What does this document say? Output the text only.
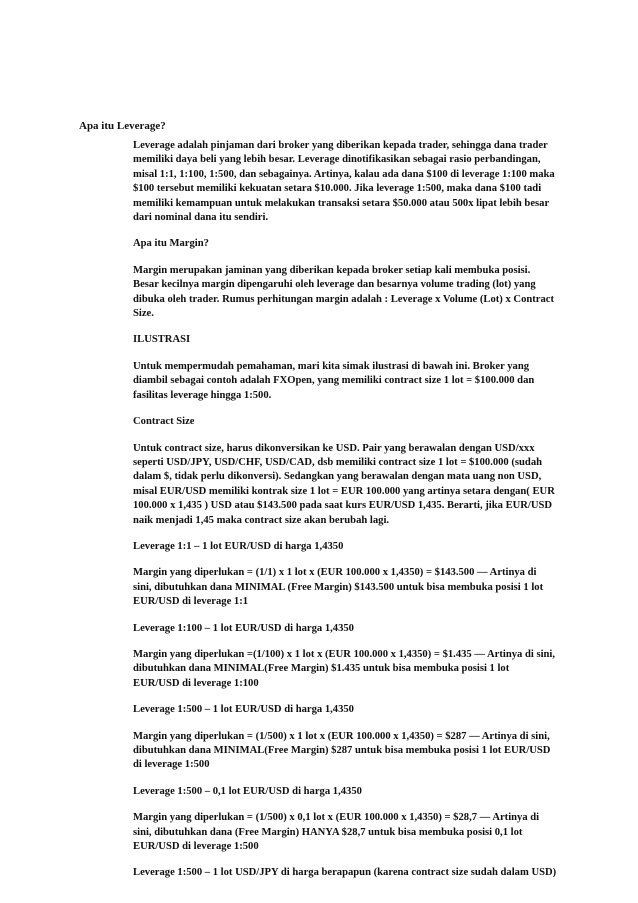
Apa itu Leverage?

Leverage adalah pinjaman dari broker yang diberikan kepada trader, sehingga dana trader
memiliki daya beli yang lebih besar. Leverage dinotifikasikan sebagai rasio perbandingan,
misal 1:1, 1:100, 1:500, dan sebagainya. Artinya, kalau ada dana $100 di leverage 1:100 maka
$100 tersebut memiliki kekuatan setara $10.000. Jika leverage 1:500, maka dana $100 tadi
memiliki kemampuan untuk melakukan transaksi setara $50.000 atau 500x lipat lebih besar
dari nominal dana itu sendiri.
Apa itu Margin?
Margin merupakan jaminan yang diberikan kepada broker setiap kali membuka posisi.
Besar kecilnya margin dipengaruhi oleh leverage dan besarnya volume trading (lot) yang
dibuka oleh trader. Rumus perhitungan margin adalah : Leverage x Volume (Lot) x Contract
Size.
ILUSTRASI
Untuk mempermudah pemahaman, mari kita simak ilustrasi di bawah ini. Broker yang
diambil sebagai contoh adalah FXOpen, yang memiliki contract size 1 lot = $100.000 dan
fasilitas leverage hingga 1:500.
Contract Size
Untuk contract size, harus dikonversikan ke USD. Pair yang berawalan dengan USD/xxx
seperti USD/JPY, USD/CHF, USD/CAD, dsb memiliki contract size 1 lot = $100.000 (sudah
dalam $, tidak perlu dikonversi). Sedangkan yang berawalan dengan mata uang non USD,
misal EUR/USD memiliki kontrak size 1 lot = EUR 100.000 yang artinya setara dengan( EUR
100.000 x 1,435 ) USD atau $143.500 pada saat kurs EUR/USD 1,435. Berarti, jika EUR/USD
naik menjadi 1,45 maka contract size akan berubah lagi.
Leverage 1:1 – 1 lot EUR/USD di harga 1,4350
Margin yang diperlukan = (1/1) x 1 lot x (EUR 100.000 x 1,4350) = $143.500 — Artinya di
sini, dibutuhkan dana MINIMAL (Free Margin) $143.500 untuk bisa membuka posisi 1 lot
EUR/USD di leverage 1:1
Leverage 1:100 – 1 lot EUR/USD di harga 1,4350
Margin yang diperlukan =(1/100) x 1 lot x (EUR 100.000 x 1,4350) = $1.435 — Artinya di sini,
dibutuhkan dana MINIMAL(Free Margin) $1.435 untuk bisa membuka posisi 1 lot
EUR/USD di leverage 1:100
Leverage 1:500 – 1 lot EUR/USD di harga 1,4350
Margin yang diperlukan = (1/500) x 1 lot x (EUR 100.000 x 1,4350) = $287 — Artinya di sini,
dibutuhkan dana MINIMAL(Free Margin) $287 untuk bisa membuka posisi 1 lot EUR/USD
di leverage 1:500
Leverage 1:500 – 0,1 lot EUR/USD di harga 1,4350
Margin yang diperlukan = (1/500) x 0,1 lot x (EUR 100.000 x 1,4350) = $28,7 — Artinya di
sini, dibutuhkan dana (Free Margin) HANYA $28,7 untuk bisa membuka posisi 0,1 lot
EUR/USD di leverage 1:500
Leverage 1:500 – 1 lot USD/JPY di harga berapapun (karena contract size sudah dalam USD)
